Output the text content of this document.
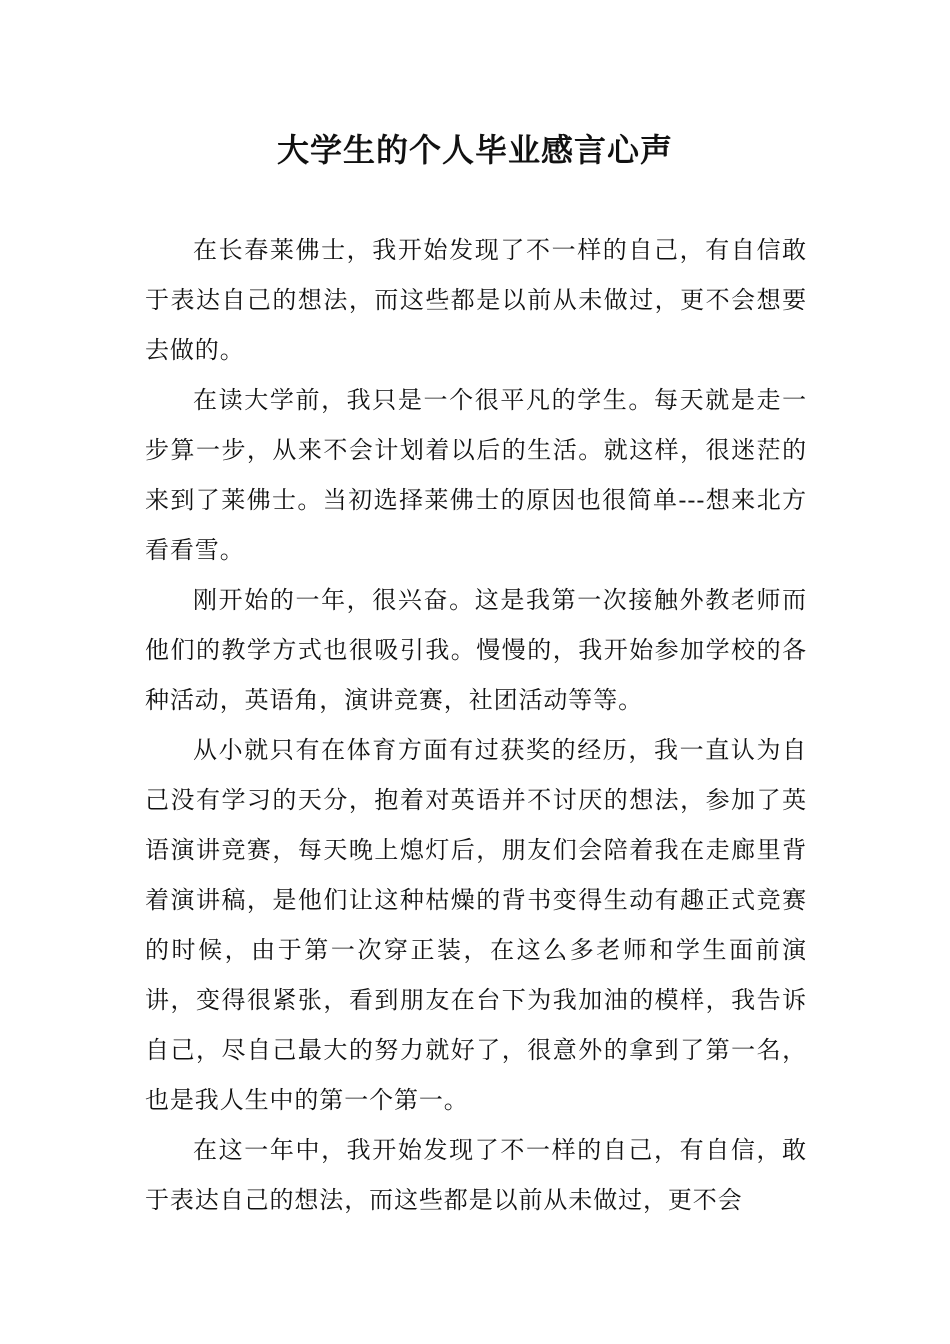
大学生的个人毕业感言心声

在长春莱佛士，我开始发现了不一样的自己，有自信敢于表达自己的想法，而这些都是以前从未做过，更不会想要去做的。

在读大学前，我只是一个很平凡的学生。每天就是走一步算一步，从来不会计划着以后的生活。就这样，很迷茫的来到了莱佛士。当初选择莱佛士的原因也很简单---想来北方看看雪。

刚开始的一年，很兴奋。这是我第一次接触外教老师而他们的教学方式也很吸引我。慢慢的，我开始参加学校的各种活动，英语角，演讲竞赛，社团活动等等。

从小就只有在体育方面有过获奖的经历，我一直认为自己没有学习的天分，抱着对英语并不讨厌的想法，参加了英语演讲竞赛，每天晚上熄灯后，朋友们会陪着我在走廊里背着演讲稿，是他们让这种枯燥的背书变得生动有趣正式竞赛的时候，由于第一次穿正装，在这么多老师和学生面前演讲，变得很紧张，看到朋友在台下为我加油的模样，我告诉自己，尽自己最大的努力就好了，很意外的拿到了第一名，也是我人生中的第一个第一。

在这一年中，我开始发现了不一样的自己，有自信，敢于表达自己的想法，而这些都是以前从未做过，更不会
